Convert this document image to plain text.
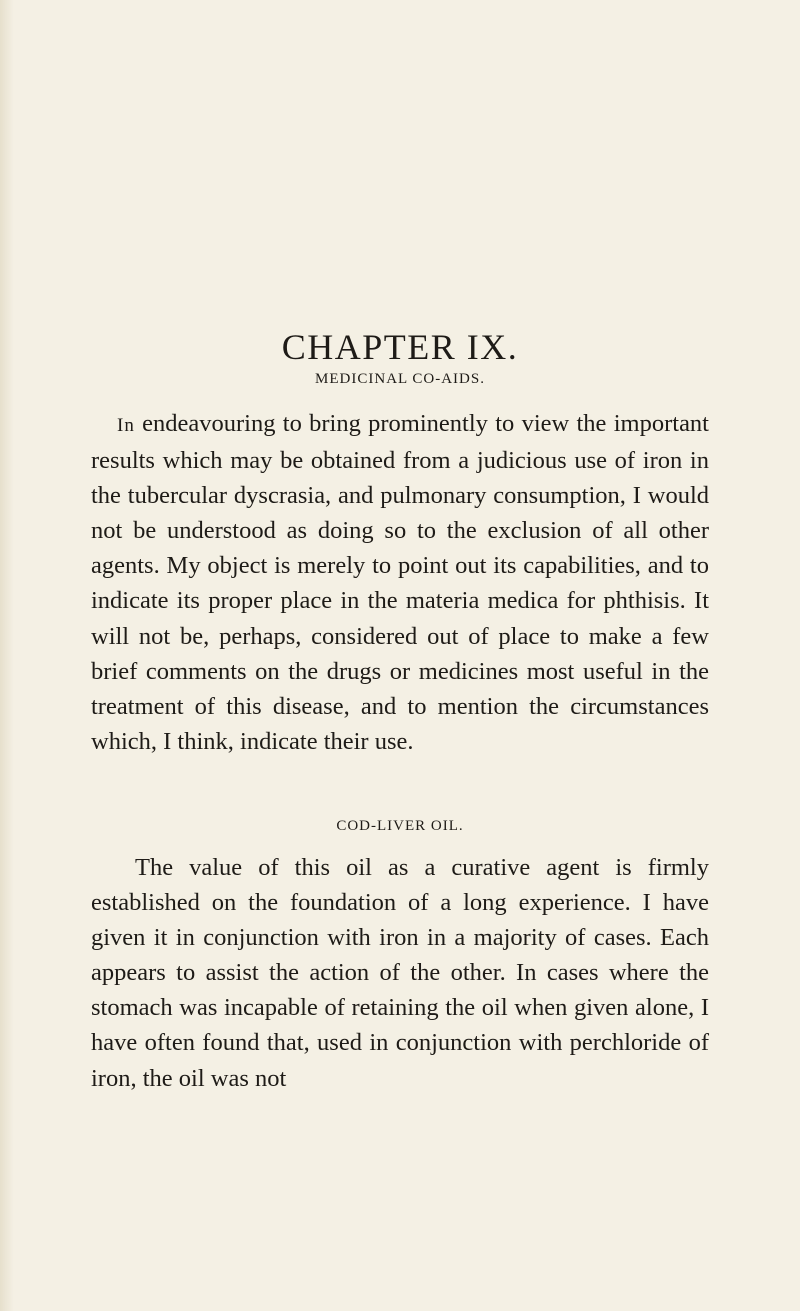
CHAPTER IX.
MEDICINAL CO-AIDS.

In endeavouring to bring prominently to view the important results which may be obtained from a judicious use of iron in the tubercular dyscrasia, and pulmonary consumption, I would not be understood as doing so to the exclusion of all other agents. My object is merely to point out its capabilities, and to indicate its proper place in the materia medica for phthisis. It will not be, perhaps, considered out of place to make a few brief comments on the drugs or medicines most useful in the treatment of this disease, and to mention the circumstances which, I think, indicate their use.

COD-LIVER OIL.

The value of this oil as a curative agent is firmly established on the foundation of a long experience. I have given it in conjunction with iron in a majority of cases. Each appears to assist the action of the other. In cases where the stomach was incapable of retaining the oil when given alone, I have often found that, used in conjunction with perchloride of iron, the oil was not
